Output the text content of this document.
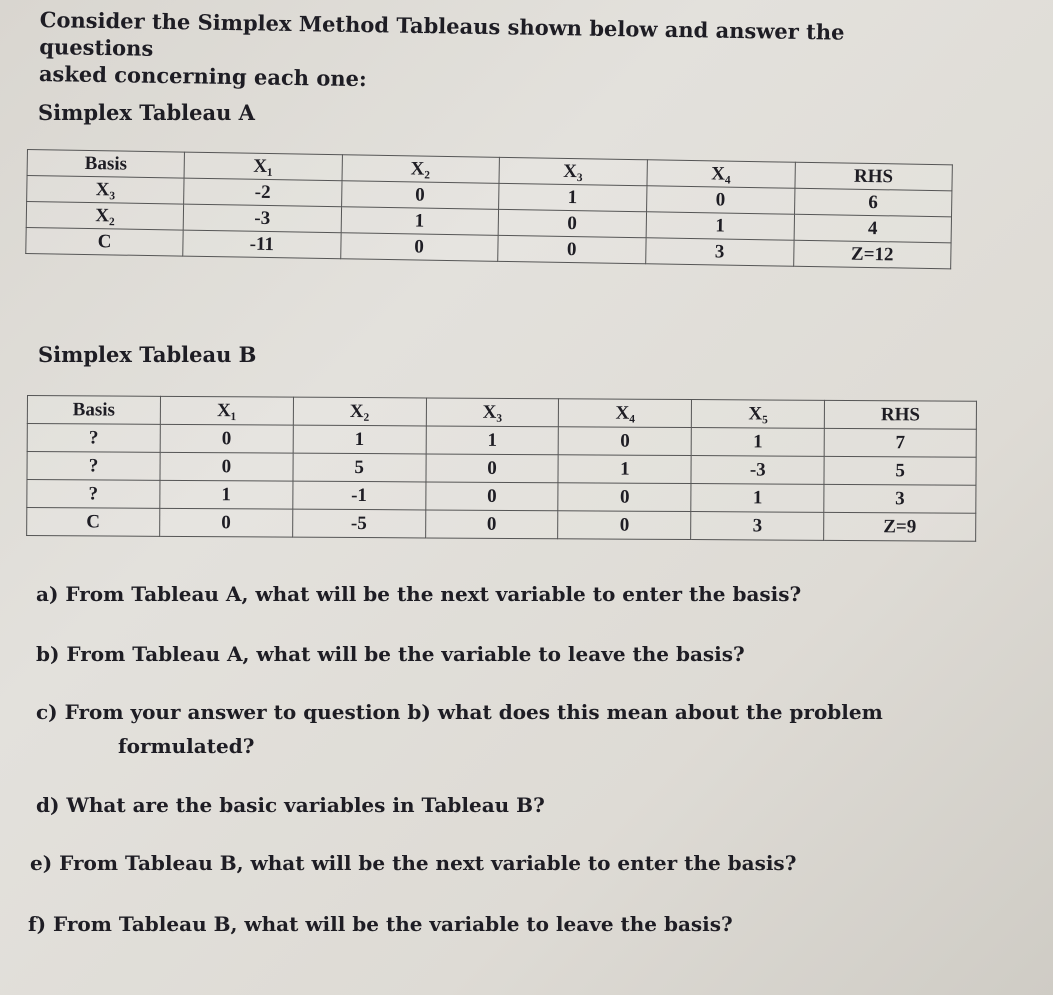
Consider the Simplex Method Tableaus shown below and answer the questions
asked concerning each one:
Simplex Tableau A
Basis	X₁	X₂	X₃	X₄	RHS
X₃	-2	0	1	0	6
X₂	-3	1	0	1	4
C	-11	0	0	3	Z=12
Simplex Tableau B
Basis	X₁	X₂	X₃	X₄	X₅	RHS
?	0	1	1	0	1	7
?	0	5	0	1	-3	5
?	1	-1	0	0	1	3
C	0	-5	0	0	3	Z=9
a) From Tableau A, what will be the next variable to enter the basis?
b) From Tableau A, what will be the variable to leave the basis?
c) From your answer to question b) what does this mean about the problem
formulated?
d) What are the basic variables in Tableau B?
e) From Tableau B, what will be the next variable to enter the basis?
f) From Tableau B, what will be the variable to leave the basis?
